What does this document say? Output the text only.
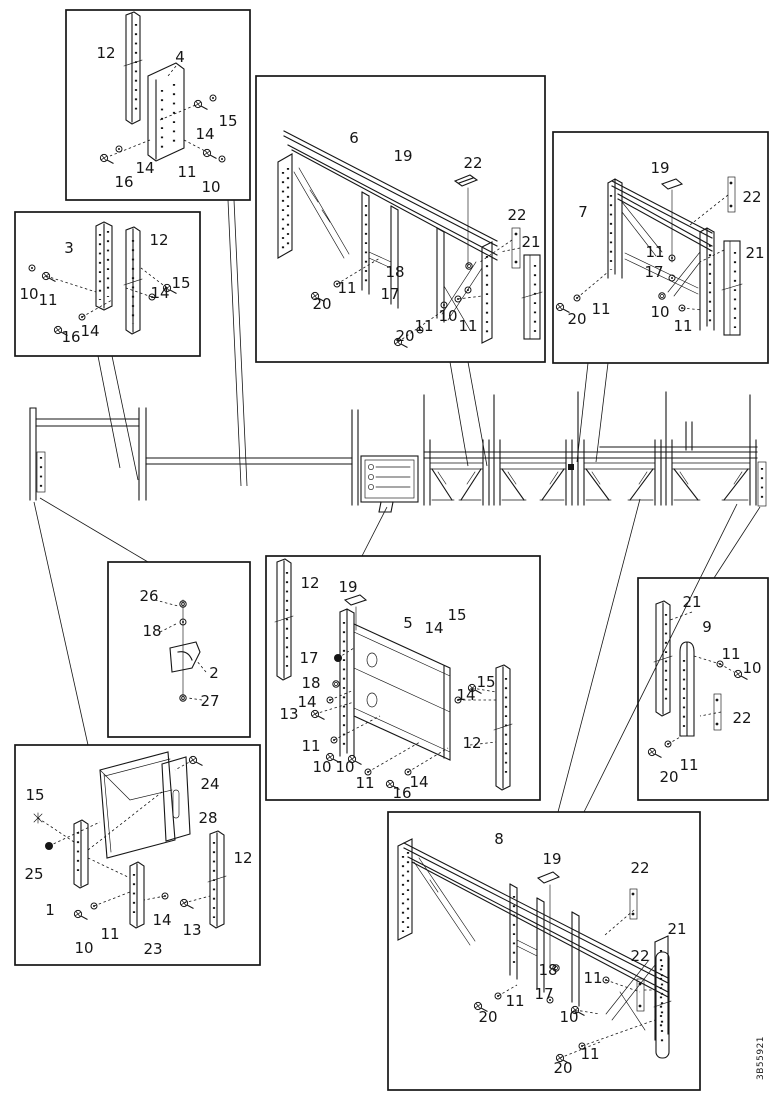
12	4
15
14
14
16
11
10
3	12
15
14
10 11
16 14
6
19	22
22
21
18
17
11
20
20
11
10
11
19
22
7
11
17
21
20
11	10
11
26
18
2
27
12 19
5 14
15
17
18
14
13
11
10 10
11
16
14
14
15
12
21
9
11
10
22
20
11
15
24
28
25
1
12
10
11
14
23
13
8
19	22
21
22
18 11
17
11
20	10
11
20	3B55921
